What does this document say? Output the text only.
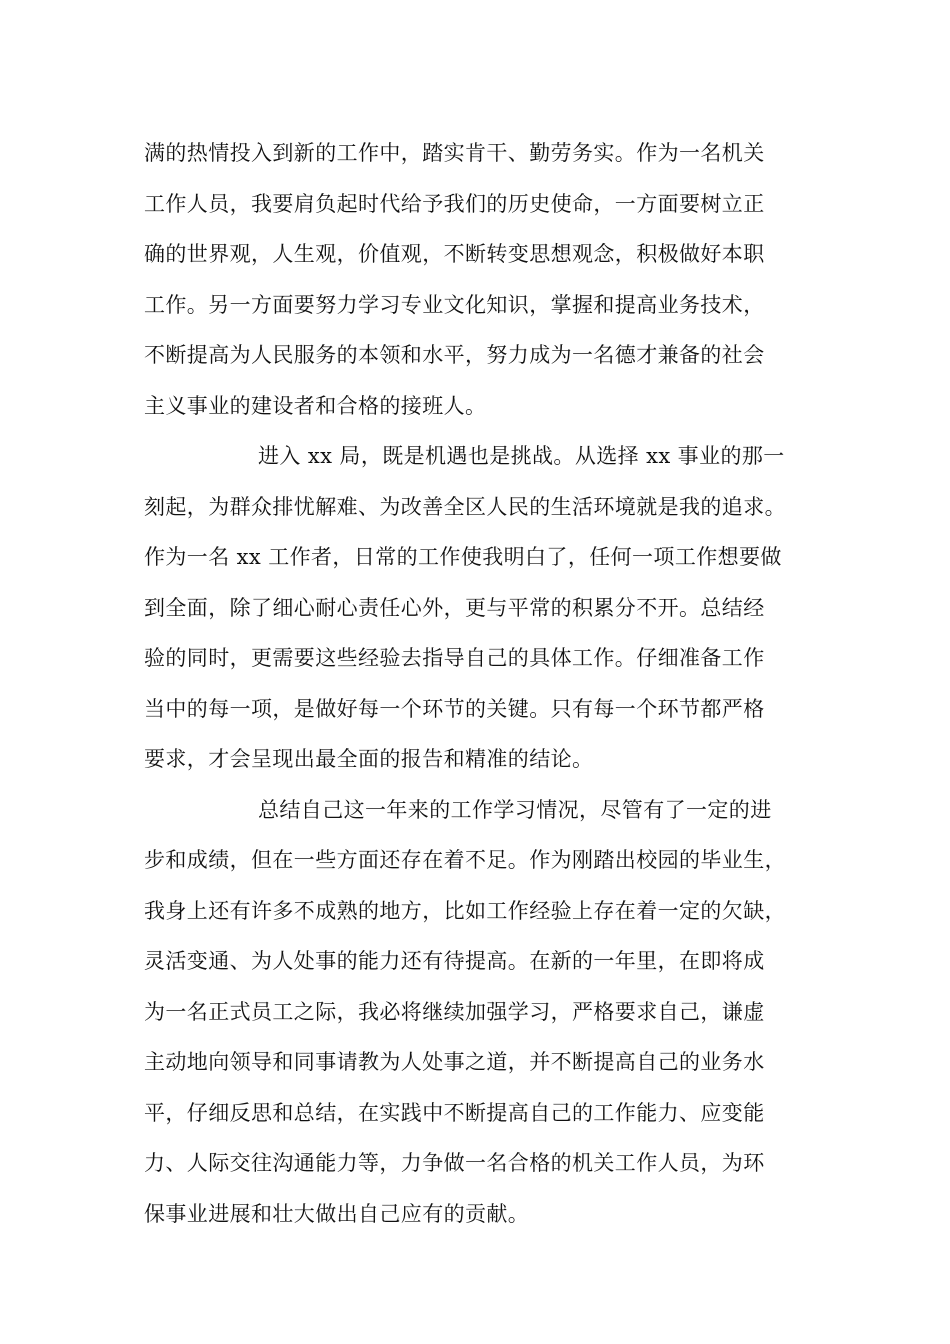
满的热情投入到新的工作中，踏实肯干、勤劳务实。作为一名机关
工作人员，我要肩负起时代给予我们的历史使命，一方面要树立正
确的世界观，人生观，价值观，不断转变思想观念，积极做好本职
工作。另一方面要努力学习专业文化知识，掌握和提高业务技术，
不断提高为人民服务的本领和水平，努力成为一名德才兼备的社会
主义事业的建设者和合格的接班人。
进入 xx 局，既是机遇也是挑战。从选择 xx 事业的那一
刻起，为群众排忧解难、为改善全区人民的生活环境就是我的追求。
作为一名 xx 工作者，日常的工作使我明白了，任何一项工作想要做
到全面，除了细心耐心责任心外，更与平常的积累分不开。总结经
验的同时，更需要这些经验去指导自己的具体工作。仔细准备工作
当中的每一项，是做好每一个环节的关键。只有每一个环节都严格
要求，才会呈现出最全面的报告和精准的结论。
总结自己这一年来的工作学习情况，尽管有了一定的进
步和成绩，但在一些方面还存在着不足。作为刚踏出校园的毕业生，
我身上还有许多不成熟的地方，比如工作经验上存在着一定的欠缺，
灵活变通、为人处事的能力还有待提高。在新的一年里，在即将成
为一名正式员工之际，我必将继续加强学习，严格要求自己，谦虚
主动地向领导和同事请教为人处事之道，并不断提高自己的业务水
平，仔细反思和总结，在实践中不断提高自己的工作能力、应变能
力、人际交往沟通能力等，力争做一名合格的机关工作人员，为环
保事业进展和壮大做出自己应有的贡献。
